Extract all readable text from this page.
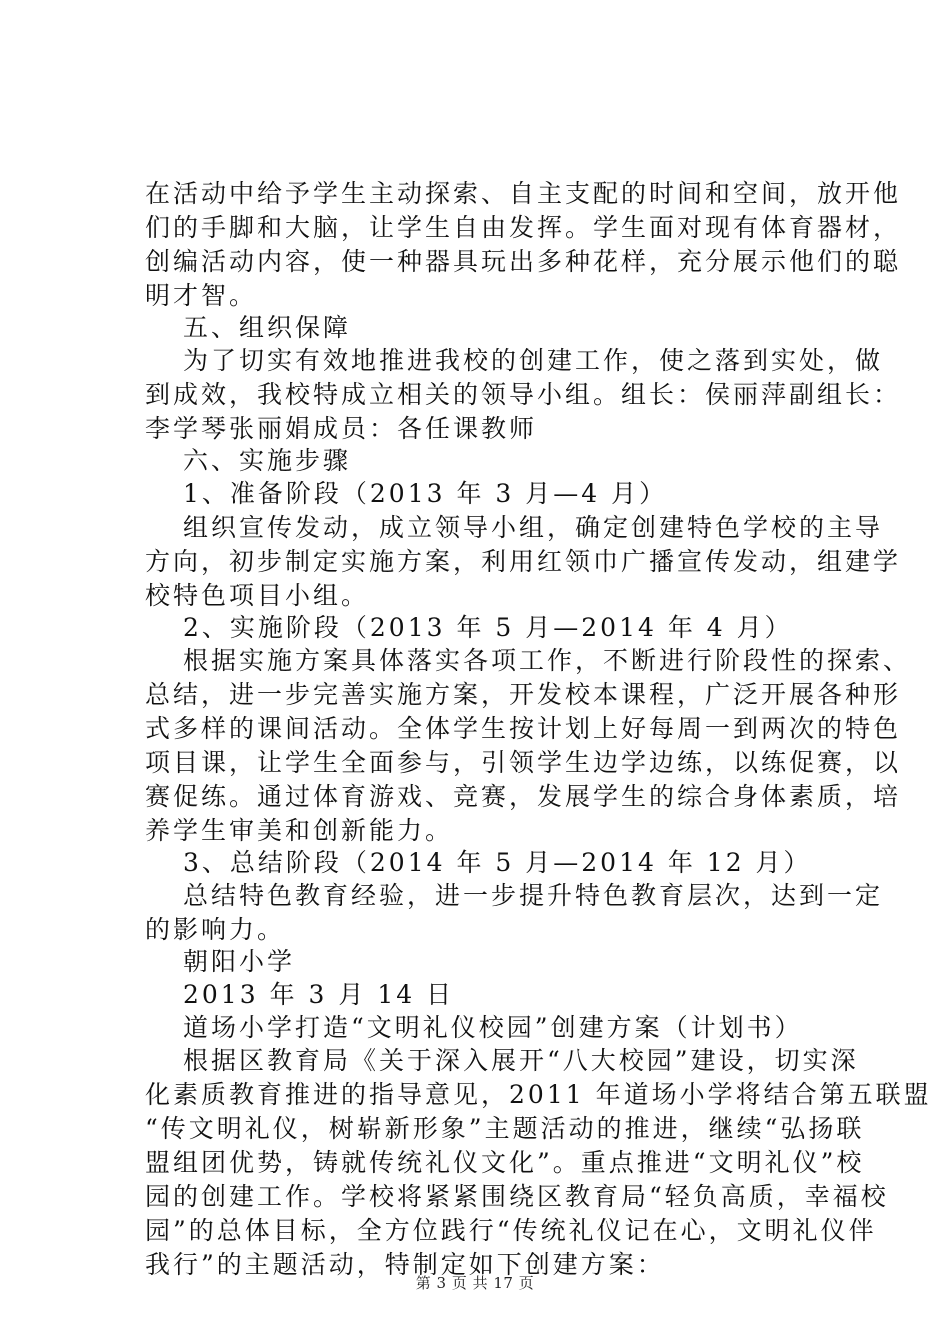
在活动中给予学生主动探索、自主支配的时间和空间，放开他
们的手脚和大脑，让学生自由发挥。学生面对现有体育器材，
创编活动内容，使一种器具玩出多种花样，充分展示他们的聪
明才智。
五、组织保障
为了切实有效地推进我校的创建工作，使之落到实处，做
到成效，我校特成立相关的领导小组。组长：侯丽萍副组长：
李学琴张丽娟成员：各任课教师
六、实施步骤
1、准备阶段（2013 年 3 月—4 月）
组织宣传发动，成立领导小组，确定创建特色学校的主导
方向，初步制定实施方案，利用红领巾广播宣传发动，组建学
校特色项目小组。
2、实施阶段（2013 年 5 月—2014 年 4 月）
根据实施方案具体落实各项工作，不断进行阶段性的探索、
总结，进一步完善实施方案，开发校本课程，广泛开展各种形
式多样的课间活动。全体学生按计划上好每周一到两次的特色
项目课，让学生全面参与，引领学生边学边练，以练促赛，以
赛促练。通过体育游戏、竞赛，发展学生的综合身体素质，培
养学生审美和创新能力。
3、总结阶段（2014 年 5 月—2014 年 12 月）
总结特色教育经验，进一步提升特色教育层次，达到一定
的影响力。
朝阳小学
2013 年 3 月 14 日
道场小学打造“文明礼仪校园”创建方案（计划书）
根据区教育局《关于深入展开“八大校园”建设，切实深
化素质教育推进的指导意见，2011 年道场小学将结合第五联盟
“传文明礼仪，树崭新形象”主题活动的推进，继续“弘扬联
盟组团优势，铸就传统礼仪文化”。重点推进“文明礼仪”校
园的创建工作。学校将紧紧围绕区教育局“轻负高质，幸福校
园”的总体目标，全方位践行“传统礼仪记在心，文明礼仪伴
我行”的主题活动，特制定如下创建方案：
第 3 页 共 17 页
